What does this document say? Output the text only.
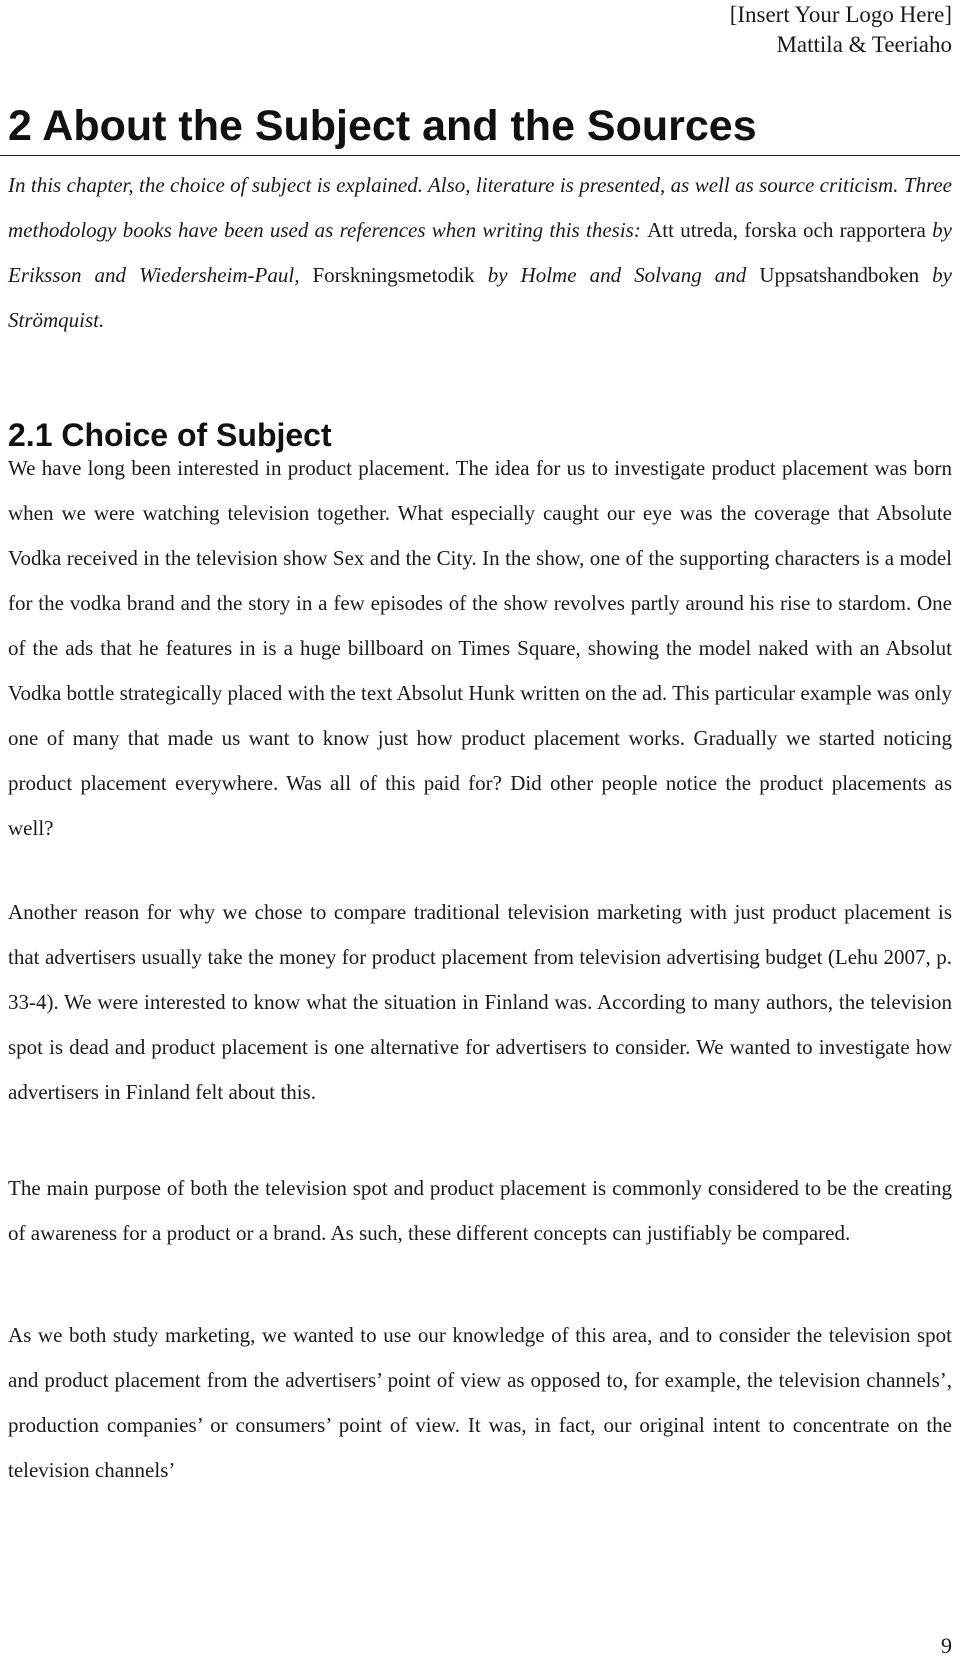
[Insert Your Logo Here]
Mattila & Teeriaho
2 About the Subject and the Sources

In this chapter, the choice of subject is explained. Also, literature is presented, as well as source criticism. Three methodology books have been used as references when writing this thesis: Att utreda, forska och rapportera by Eriksson and Wiedersheim-Paul, Forskningsmetodik by Holme and Solvang and Uppsatshandboken by Strömquist.

2.1 Choice of Subject

We have long been interested in product placement. The idea for us to investigate product placement was born when we were watching television together. What especially caught our eye was the coverage that Absolute Vodka received in the television show Sex and the City. In the show, one of the supporting characters is a model for the vodka brand and the story in a few episodes of the show revolves partly around his rise to stardom. One of the ads that he features in is a huge billboard on Times Square, showing the model naked with an Absolut Vodka bottle strategically placed with the text Absolut Hunk written on the ad. This particular example was only one of many that made us want to know just how product placement works. Gradually we started noticing product placement everywhere. Was all of this paid for? Did other people notice the product placements as well?

Another reason for why we chose to compare traditional television marketing with just product placement is that advertisers usually take the money for product placement from television advertising budget (Lehu 2007, p. 33-4). We were interested to know what the situation in Finland was. According to many authors, the television spot is dead and product placement is one alternative for advertisers to consider. We wanted to investigate how advertisers in Finland felt about this.

The main purpose of both the television spot and product placement is commonly considered to be the creating of awareness for a product or a brand. As such, these different concepts can justifiably be compared.

As we both study marketing, we wanted to use our knowledge of this area, and to consider the television spot and product placement from the advertisers’ point of view as opposed to, for example, the television channels’, production companies’ or consumers’ point of view. It was, in fact, our original intent to concentrate on the television channels’

9
